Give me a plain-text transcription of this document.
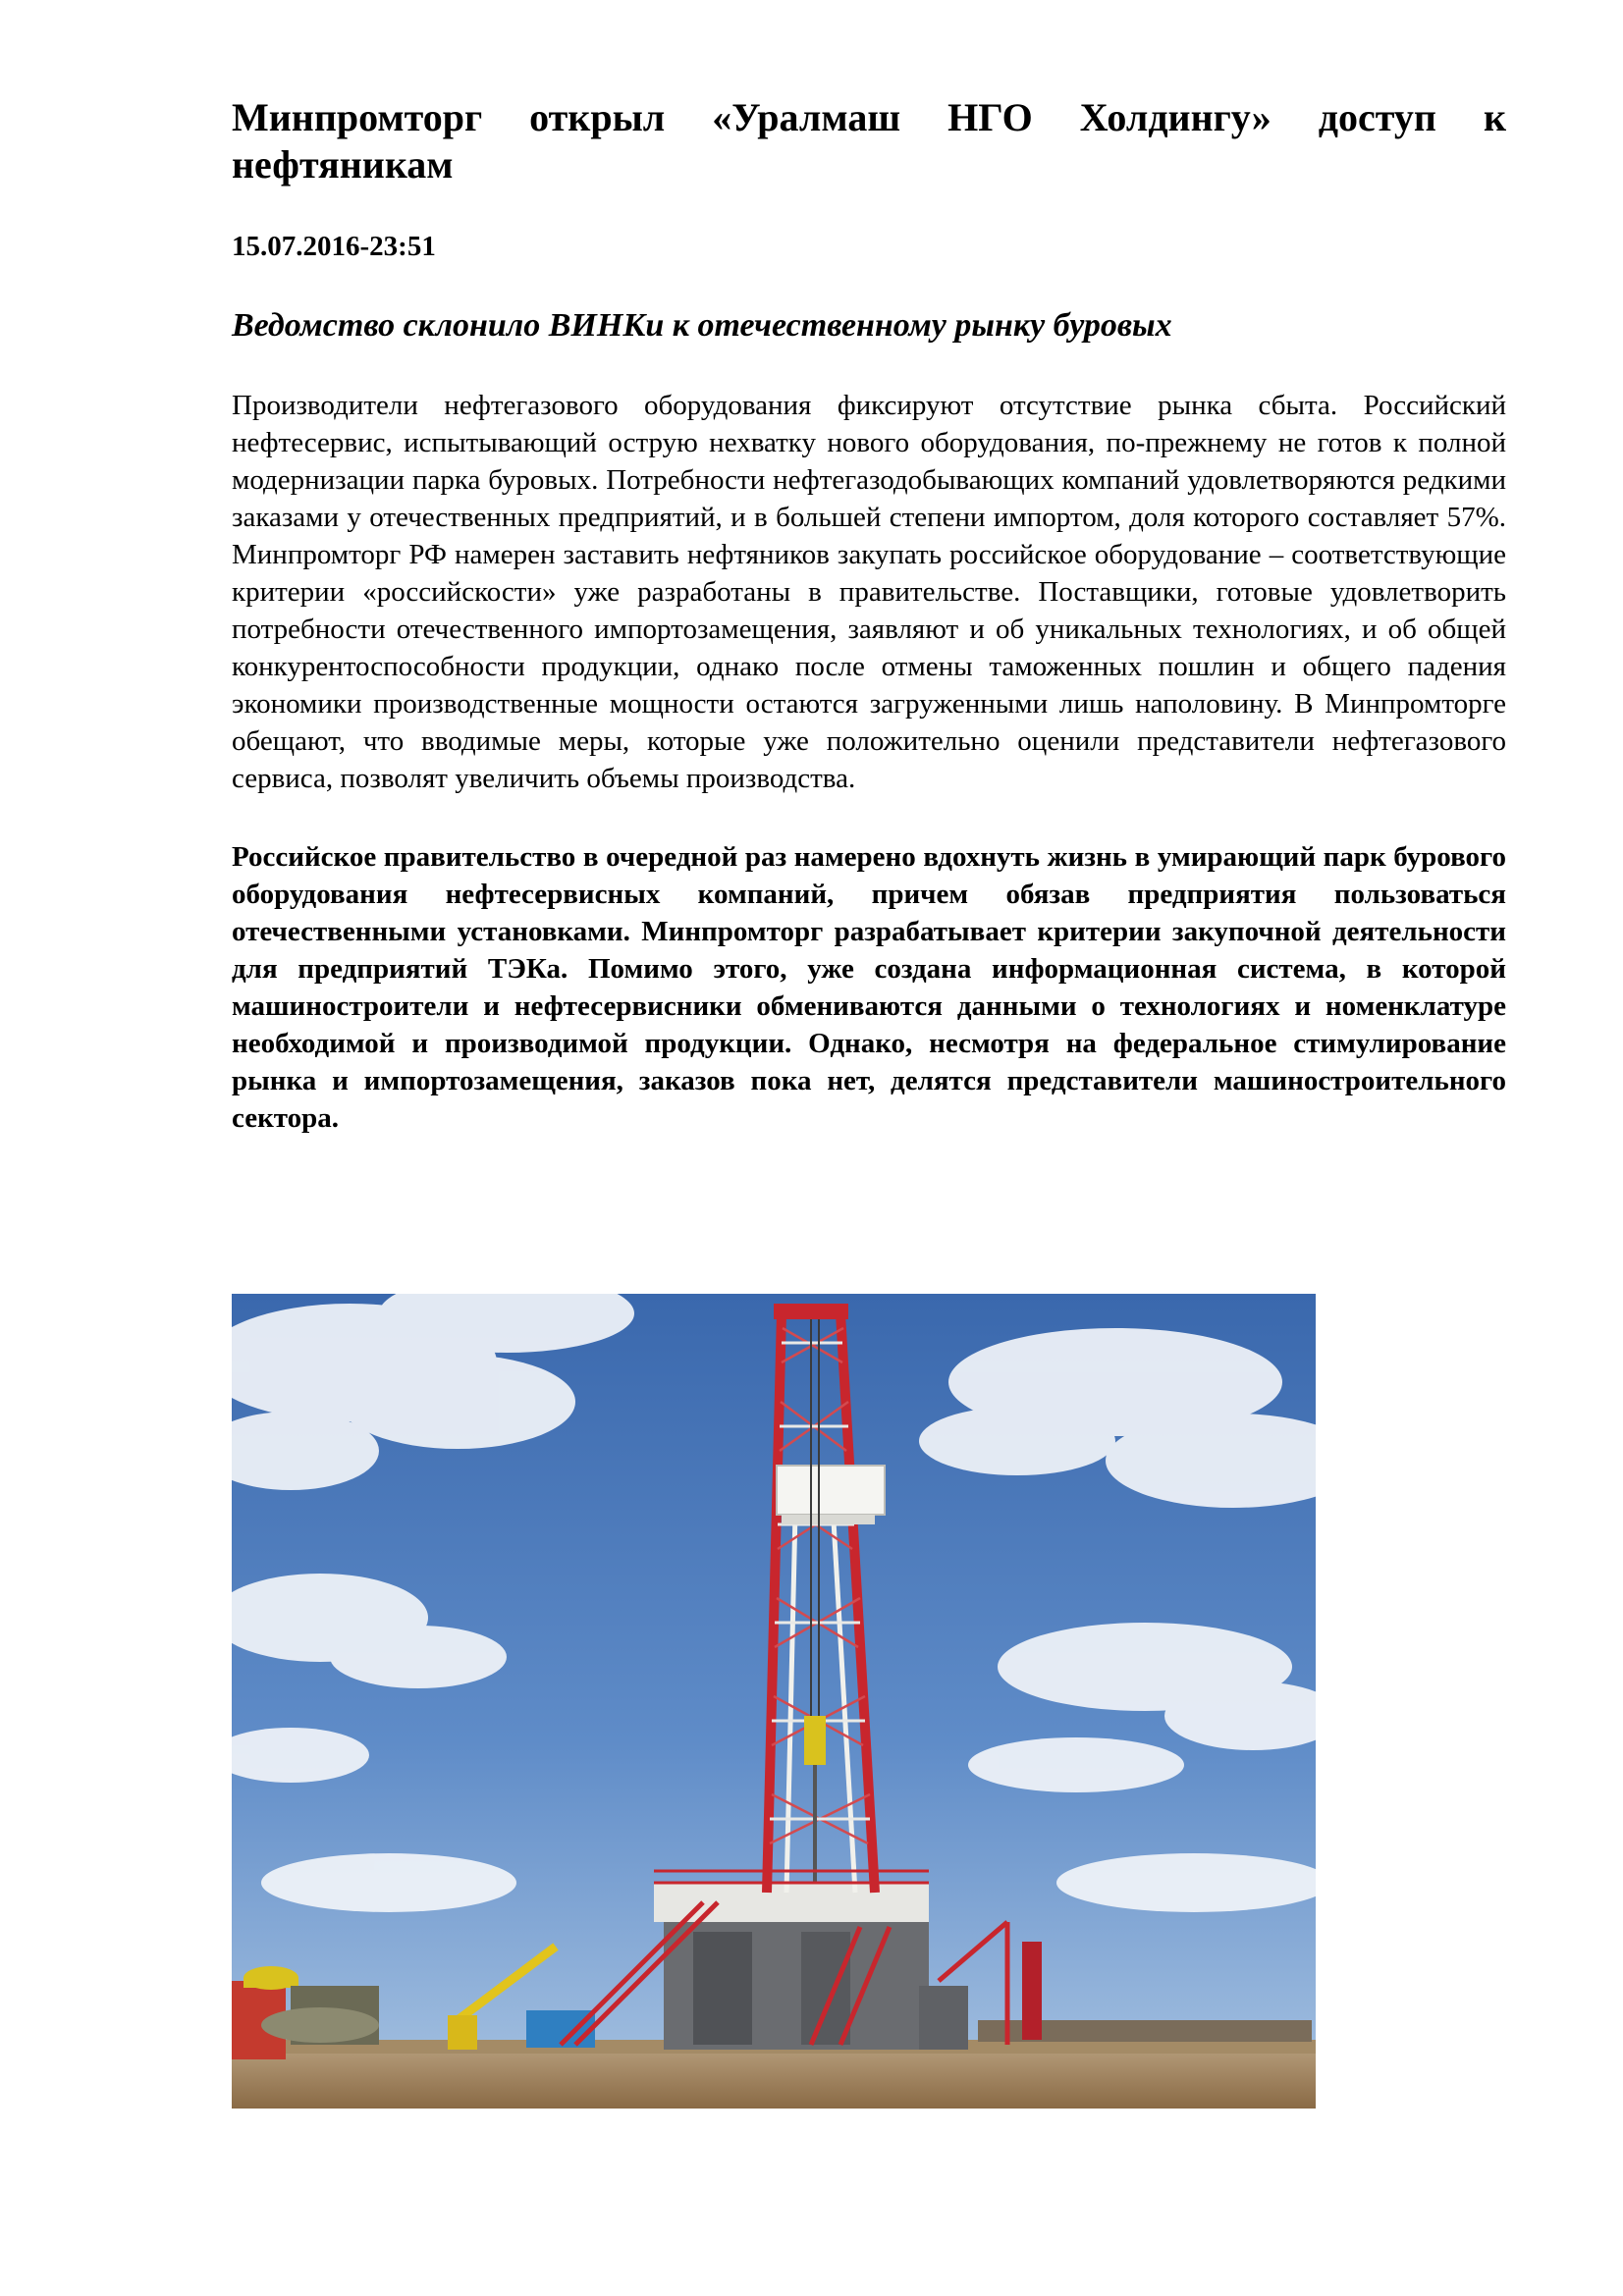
Минпромторг открыл «Уралмаш НГО Холдингу» доступ к нефтяникам
15.07.2016-23:51
Ведомство склонило ВИНКи к отечественному рынку буровых

Производители нефтегазового оборудования фиксируют отсутствие рынка сбыта. Российский нефтесервис, испытывающий острую нехватку нового оборудования, по-прежнему не готов к полной модернизации парка буровых. Потребности нефтегазодобывающих компаний удовлетворяются редкими заказами у отечественных предприятий, и в большей степени импортом, доля которого составляет 57%. Минпромторг РФ намерен заставить нефтяников закупать российское оборудование – соответствующие критерии «российскости» уже разработаны в правительстве. Поставщики, готовые удовлетворить потребности отечественного импортозамещения, заявляют и об уникальных технологиях, и об общей конкурентоспособности продукции, однако после отмены таможенных пошлин и общего падения экономики производственные мощности остаются загруженными лишь наполовину. В Минпромторге обещают, что вводимые меры, которые уже положительно оценили представители нефтегазового сервиса, позволят увеличить объемы производства.

Российское правительство в очередной раз намерено вдохнуть жизнь в умирающий парк бурового оборудования нефтесервисных компаний, причем обязав предприятия пользоваться отечественными установками. Минпромторг разрабатывает критерии закупочной деятельности для предприятий ТЭКа. Помимо этого, уже создана информационная система, в которой машиностроители и нефтесервисники обмениваются данными о технологиях и номенклатуре необходимой и производимой продукции. Однако, несмотря на федеральное стимулирование рынка и импортозамещения, заказов пока нет, делятся представители машиностроительного сектора.
